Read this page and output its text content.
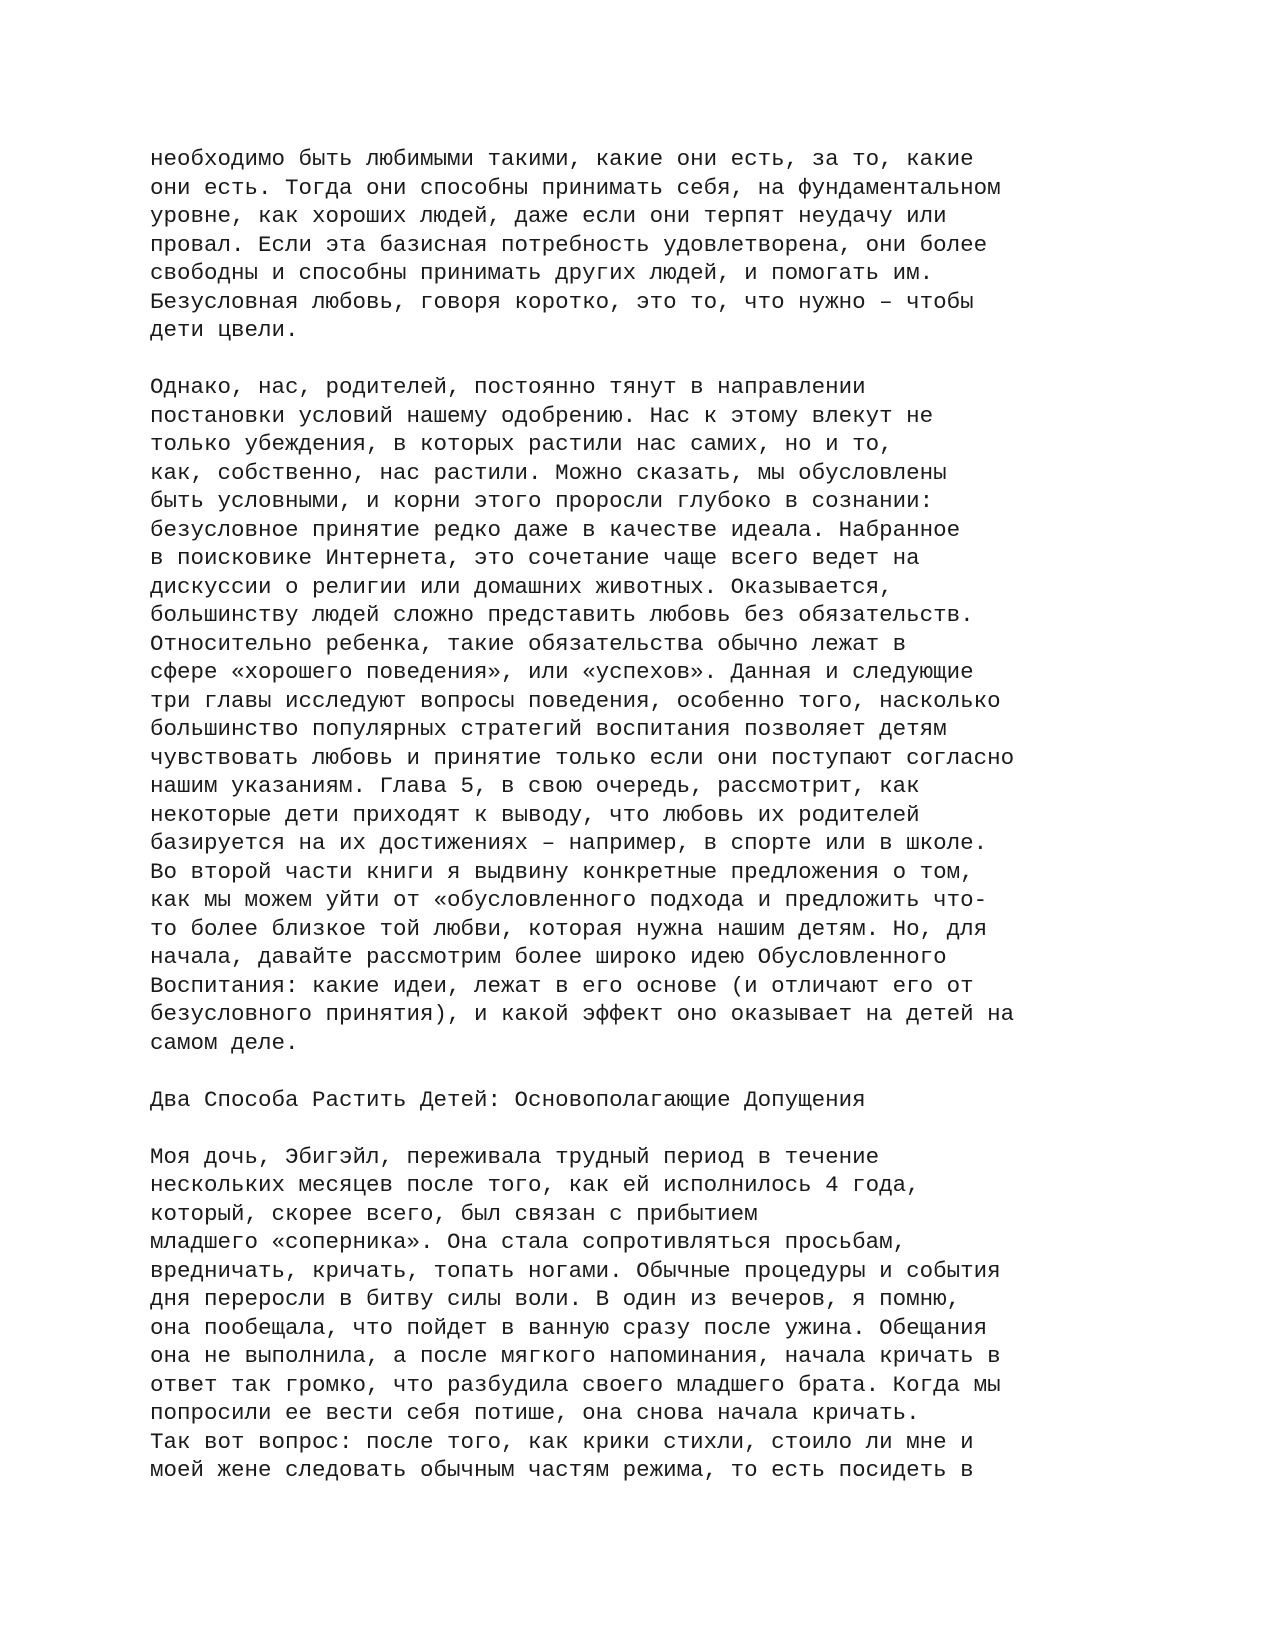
необходимо быть любимыми такими, какие они есть, за то, какие
они есть. Тогда они способны принимать себя, на фундаментальном
уровне, как хороших людей, даже если они терпят неудачу или
провал. Если эта базисная потребность удовлетворена, они более
свободны и способны принимать других людей, и помогать им.
Безусловная любовь, говоря коротко, это то, что нужно – чтобы
дети цвели.
Однако, нас, родителей, постоянно тянут в направлении
постановки условий нашему одобрению. Нас к этому влекут не
только убеждения, в которых растили нас самих, но и то,
как, собственно, нас растили. Можно сказать, мы обусловлены
быть условными, и корни этого проросли глубоко в сознании:
безусловное принятие редко даже в качестве идеала. Набранное
в поисковике Интернета, это сочетание чаще всего ведет на
дискуссии о религии или домашних животных. Оказывается,
большинству людей сложно представить любовь без обязательств.
Относительно ребенка, такие обязательства обычно лежат в
сфере «хорошего поведения», или «успехов». Данная и следующие
три главы исследуют вопросы поведения, особенно того, насколько
большинство популярных стратегий воспитания позволяет детям
чувствовать любовь и принятие только если они поступают согласно
нашим указаниям. Глава 5, в свою очередь, рассмотрит, как
некоторые дети приходят к выводу, что любовь их родителей
базируется на их достижениях – например, в спорте или в школе.
Во второй части книги я выдвину конкретные предложения о том,
как мы можем уйти от «обусловленного подхода и предложить что-
то более близкое той любви, которая нужна нашим детям. Но, для
начала, давайте рассмотрим более широко идею Обусловленного
Воспитания: какие идеи, лежат в его основе (и отличают его от
безусловного принятия), и какой эффект оно оказывает на детей на
самом деле.
Два Способа Растить Детей: Основополагающие Допущения
Моя дочь, Эбигэйл, переживала трудный период в течение
нескольких месяцев после того, как ей исполнилось 4 года,
который, скорее всего, был связан с прибытием
младшего «соперника». Она стала сопротивляться просьбам,
вредничать, кричать, топать ногами. Обычные процедуры и события
дня переросли в битву силы воли. В один из вечеров, я помню,
она пообещала, что пойдет в ванную сразу после ужина. Обещания
она не выполнила, а после мягкого напоминания, начала кричать в
ответ так громко, что разбудила своего младшего брата. Когда мы
попросили ее вести себя потише, она снова начала кричать.
Так вот вопрос: после того, как крики стихли, стоило ли мне и
моей жене следовать обычным частям режима, то есть посидеть в
